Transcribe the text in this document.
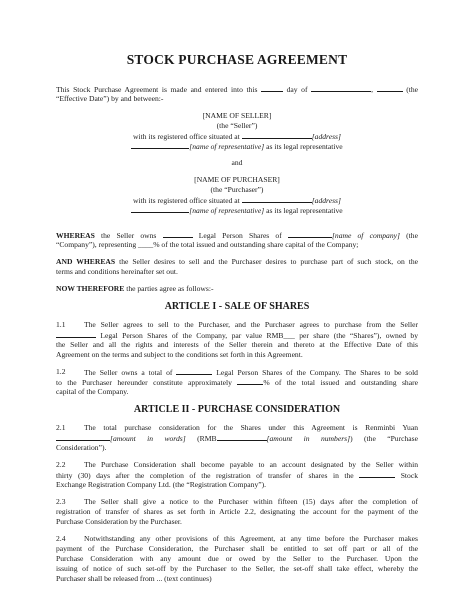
STOCK PURCHASE AGREEMENT
This Stock Purchase Agreement is made and entered into this	day of	,	(the
“Effective Date”) by and between:-
[NAME OF SELLER]
(the “Seller”)
with its registered office situated at	[address]
[name of representative] as its legal representative
and
[NAME OF PURCHASER]
(the “Purchaser”)
with its registered office situated at	[address]
[name of representative] as its legal representative
WHEREAS the Seller owns	Legal Person Shares of	[name of company] (the
“Company”), representing ____% of the total issued and outstanding share capital of the Company;
AND WHEREAS the Seller desires to sell and the Purchaser desires to purchase part of such stock, on the
terms and conditions hereinafter set out.
NOW THEREFORE the parties agree as follows:-
ARTICLE I - SALE OF SHARES
1.1 The Seller agrees to sell to the Purchaser, and the Purchaser agrees to purchase from the Seller
Legal Person Shares of the Company, par value RMB___ per share (the “Shares”), owned by
the Seller and all the rights and interests of the Seller therein and thereto at the Effective Date of this
Agreement on the terms and subject to the conditions set forth in this Agreement.
1.2 The Seller owns a total of	Legal Person Shares of the Company. The Shares to be sold
to the Purchaser hereunder constitute approximately	% of the total issued and outstanding share
capital of the Company.
ARTICLE II - PURCHASE CONSIDERATION
2.1 The total purchase consideration for the Shares under this Agreement is Renminbi Yuan
[amount in words] (RMB	[amount in numbers]) (the “Purchase
Consideration”).
2.2 The Purchase Consideration shall become payable to an account designated by the Seller within
thirty (30) days after the completion of the registration of transfer of shares in the	Stock
Exchange Registration Company Ltd. (the “Registration Company”).
2.3 The Seller shall give a notice to the Purchaser within fifteen (15) days after the completion of
registration of transfer of shares as set forth in Article 2.2, designating the account for the payment of the
Purchase Consideration by the Purchaser.
2.4 Notwithstanding any other provisions of this Agreement, at any time before the Purchaser makes
payment of the Purchase Consideration, the Purchaser shall be entitled to set off part or all of the
Purchase Consideration with any amount due or owed by the Seller to the Purchaser. Upon the
issuing of notice of such set-off by the Purchaser to the Seller, the set-off shall take effect, whereby the
Purchaser shall be released from ... (text continues)
